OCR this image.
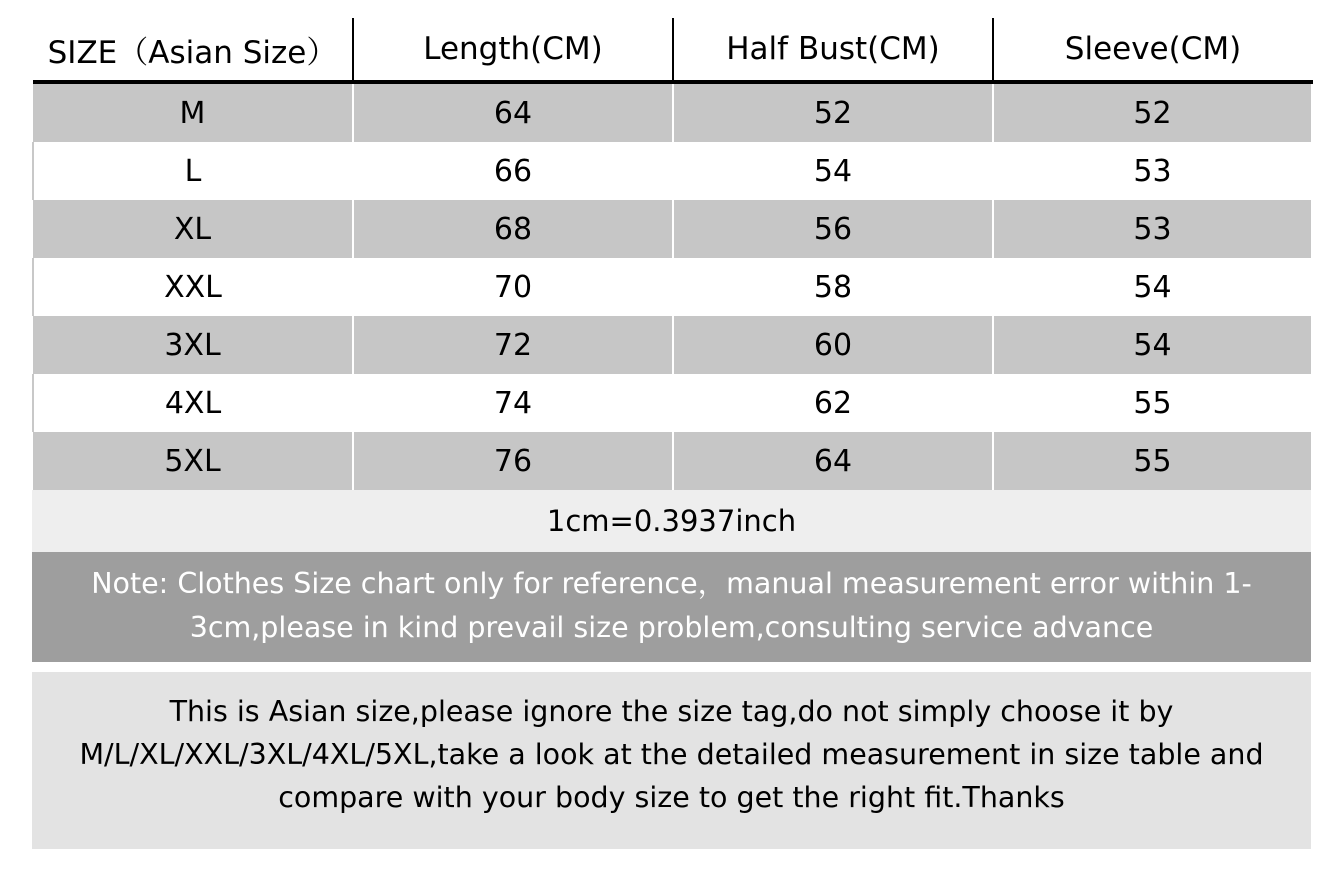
SIZE（Asian Size）	Length(CM)	Half Bust(CM)	Sleeve(CM)
M	64	52	52
L	66	54	53
XL	68	56	53
XXL	70	58	54
3XL	72	60	54
4XL	74	62	55
5XL	76	64	55
1cm=0.3937inch
Note: Clothes Size chart only for reference，manual measurement error within 1-3cm,please in kind prevail size problem,consulting service advance
This is Asian size,please ignore the size tag,do not simply choose it by M/L/XL/XXL/3XL/4XL/5XL,take a look at the detailed measurement in size table and compare with your body size to get the right fit.Thanks
